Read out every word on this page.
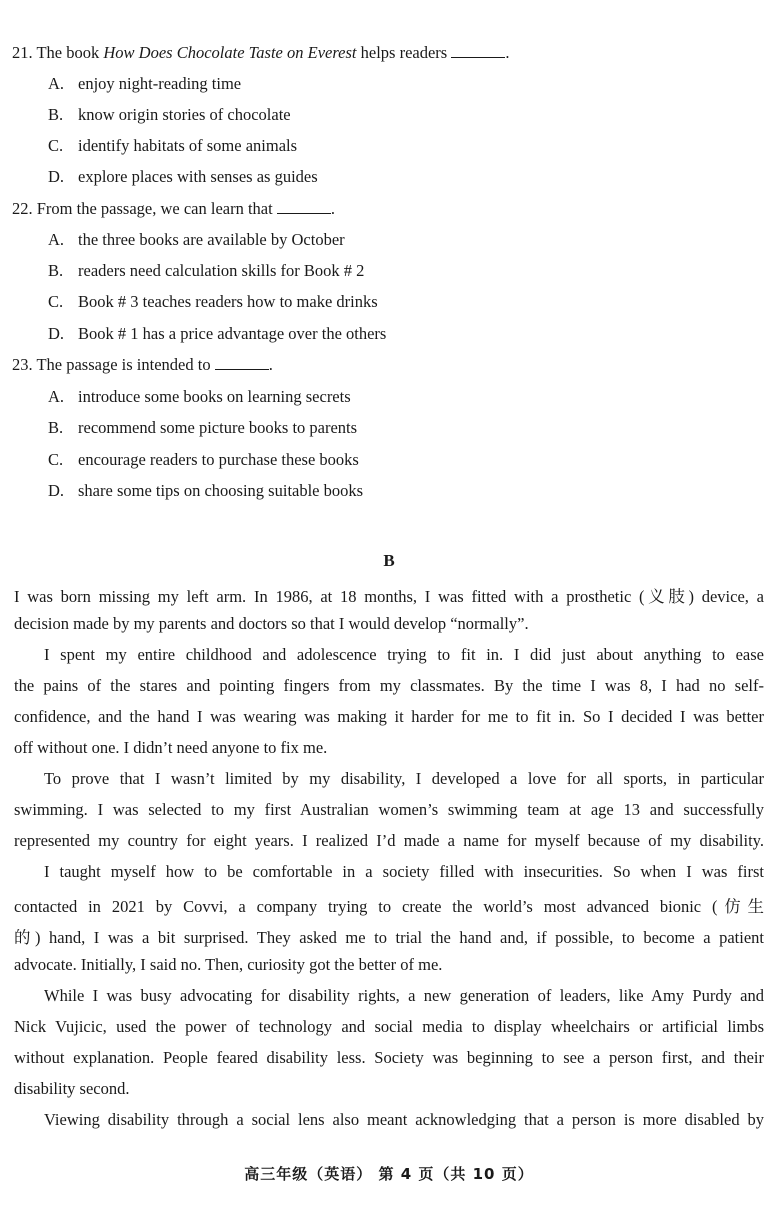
21. The book How Does Chocolate Taste on Everest helps readers	.
A. enjoy night-reading time
B. know origin stories of chocolate
C. identify habitats of some animals
D. explore places with senses as guides
22. From the passage, we can learn that	.
A. the three books are available by October
B. readers need calculation skills for Book # 2
C. Book # 3 teaches readers how to make drinks
D. Book # 1 has a price advantage over the others
23. The passage is intended to	.
A. introduce some books on learning secrets
B. recommend some picture books to parents
C. encourage readers to purchase these books
D. share some tips on choosing suitable books
B
I was born missing my left arm. In 1986, at 18 months, I was fitted with a prosthetic (义肢) device, a
decision made by my parents and doctors so that I would develop “normally”.
I spent my entire childhood and adolescence trying to fit in. I did just about anything to ease
the pains of the stares and pointing fingers from my classmates. By the time I was 8, I had no self-
confidence, and the hand I was wearing was making it harder for me to fit in. So I decided I was better
off without one. I didn’t need anyone to fix me.
To prove that I wasn’t limited by my disability, I developed a love for all sports, in particular
swimming. I was selected to my first Australian women’s swimming team at age 13 and successfully
represented my country for eight years. I realized I’d made a name for myself because of my disability.
I taught myself how to be comfortable in a society filled with insecurities. So when I was first
contacted in 2021 by Covvi, a company trying to create the world’s most advanced bionic (仿生
的) hand, I was a bit surprised. They asked me to trial the hand and, if possible, to become a patient
advocate. Initially, I said no. Then, curiosity got the better of me.
While I was busy advocating for disability rights, a new generation of leaders, like Amy Purdy and
Nick Vujicic, used the power of technology and social media to display wheelchairs or artificial limbs
without explanation. People feared disability less. Society was beginning to see a person first, and their
disability second.
Viewing disability through a social lens also meant acknowledging that a person is more disabled by
高三年级（英语） 第 4 页（共 10 页）
